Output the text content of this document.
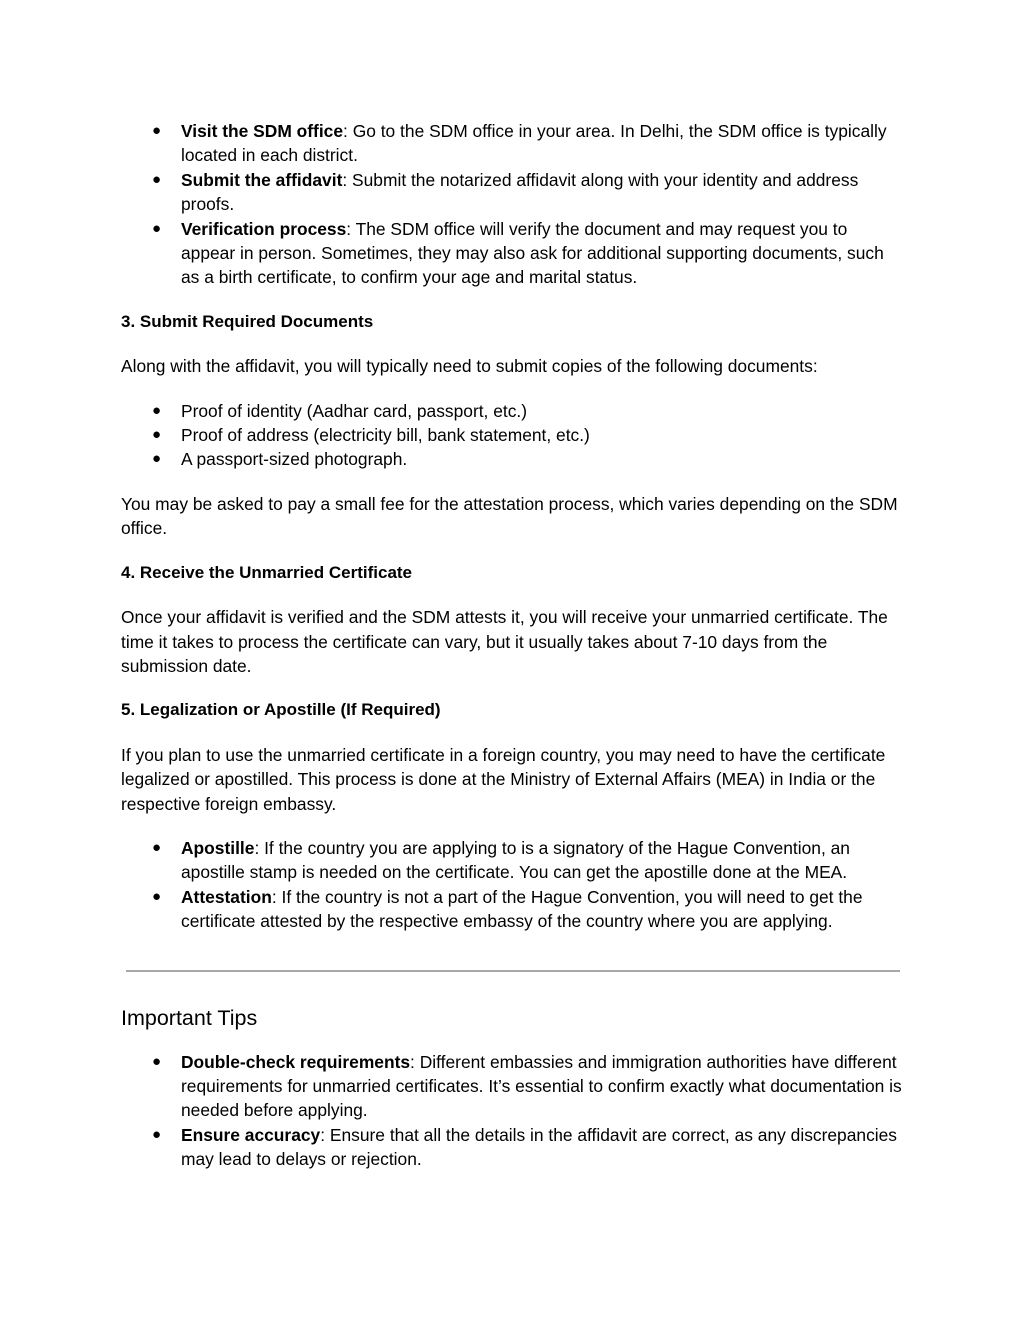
● Visit the SDM office: Go to the SDM office in your area. In Delhi, the SDM office is typically located in each district.
● Submit the affidavit: Submit the notarized affidavit along with your identity and address proofs.
● Verification process: The SDM office will verify the document and may request you to appear in person. Sometimes, they may also ask for additional supporting documents, such as a birth certificate, to confirm your age and marital status.

3. Submit Required Documents

Along with the affidavit, you will typically need to submit copies of the following documents:

● Proof of identity (Aadhar card, passport, etc.)
● Proof of address (electricity bill, bank statement, etc.)
● A passport-sized photograph.

You may be asked to pay a small fee for the attestation process, which varies depending on the SDM office.

4. Receive the Unmarried Certificate

Once your affidavit is verified and the SDM attests it, you will receive your unmarried certificate. The time it takes to process the certificate can vary, but it usually takes about 7-10 days from the submission date.

5. Legalization or Apostille (If Required)

If you plan to use the unmarried certificate in a foreign country, you may need to have the certificate legalized or apostilled. This process is done at the Ministry of External Affairs (MEA) in India or the respective foreign embassy.

● Apostille: If the country you are applying to is a signatory of the Hague Convention, an apostille stamp is needed on the certificate. You can get the apostille done at the MEA.
● Attestation: If the country is not a part of the Hague Convention, you will need to get the certificate attested by the respective embassy of the country where you are applying.
Important Tips
● Double-check requirements: Different embassies and immigration authorities have different requirements for unmarried certificates. It’s essential to confirm exactly what documentation is needed before applying.
● Ensure accuracy: Ensure that all the details in the affidavit are correct, as any discrepancies may lead to delays or rejection.
